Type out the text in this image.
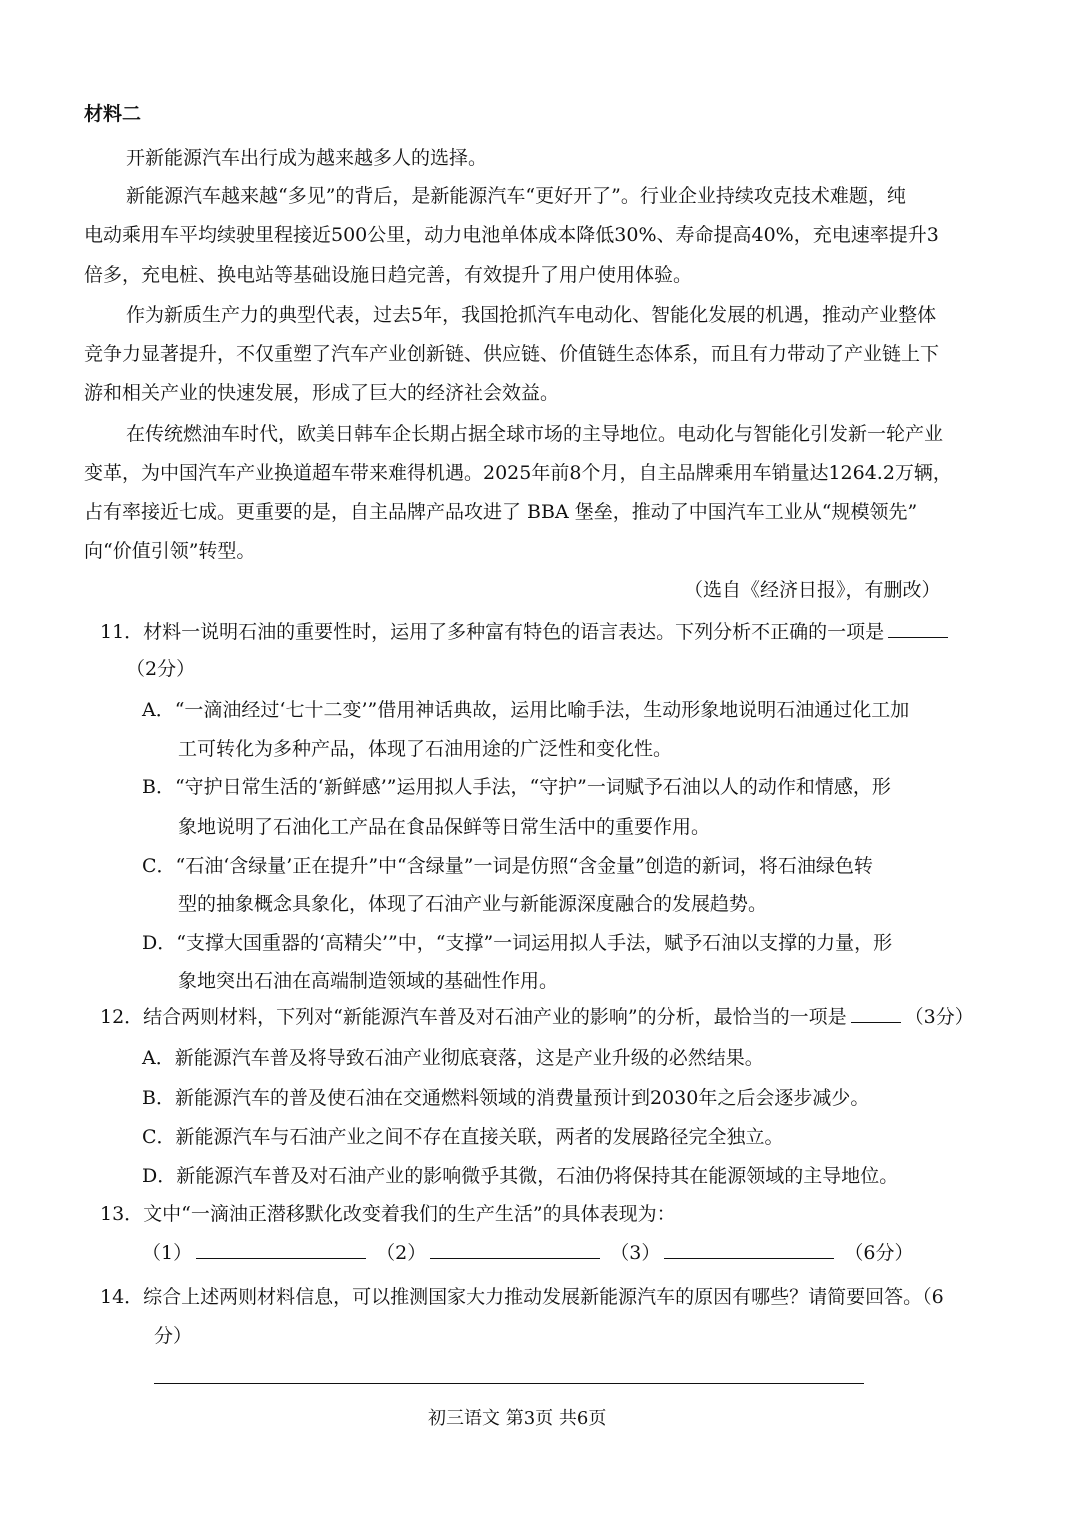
材料二
开新能源汽车出行成为越来越多人的选择。
新能源汽车越来越“多见”的背后，是新能源汽车“更好开了”。行业企业持续攻克技术难题，纯
电动乘用车平均续驶里程接近500公里，动力电池单体成本降低30%、寿命提高40%，充电速率提升3
倍多，充电桩、换电站等基础设施日趋完善，有效提升了用户使用体验。
作为新质生产力的典型代表，过去5年，我国抢抓汽车电动化、智能化发展的机遇，推动产业整体
竞争力显著提升，不仅重塑了汽车产业创新链、供应链、价值链生态体系，而且有力带动了产业链上下
游和相关产业的快速发展，形成了巨大的经济社会效益。
在传统燃油车时代，欧美日韩车企长期占据全球市场的主导地位。电动化与智能化引发新一轮产业
变革，为中国汽车产业换道超车带来难得机遇。2025年前8个月，自主品牌乘用车销量达1264.2万辆，
占有率接近七成。更重要的是，自主品牌产品攻进了 BBA 堡垒，推动了中国汽车工业从“规模领先”
向“价值引领”转型。
（选自《经济日报》，有删改）
11．材料一说明石油的重要性时，运用了多种富有特色的语言表达。下列分析不正确的一项是
（2分）
A．“一滴油经过‘七十二变’”借用神话典故，运用比喻手法，生动形象地说明石油通过化工加
工可转化为多种产品，体现了石油用途的广泛性和变化性。
B．“守护日常生活的‘新鲜感’”运用拟人手法，“守护”一词赋予石油以人的动作和情感，形
象地说明了石油化工产品在食品保鲜等日常生活中的重要作用。
C．“石油‘含绿量’正在提升”中“含绿量”一词是仿照“含金量”创造的新词，将石油绿色转
型的抽象概念具象化，体现了石油产业与新能源深度融合的发展趋势。
D．“支撑大国重器的‘高精尖’”中，“支撑”一词运用拟人手法，赋予石油以支撑的力量，形
象地突出石油在高端制造领域的基础性作用。
12．结合两则材料，下列对“新能源汽车普及对石油产业的影响”的分析，最恰当的一项是	（3分）
A．新能源汽车普及将导致石油产业彻底衰落，这是产业升级的必然结果。
B．新能源汽车的普及使石油在交通燃料领域的消费量预计到2030年之后会逐步减少。
C．新能源汽车与石油产业之间不存在直接关联，两者的发展路径完全独立。
D．新能源汽车普及对石油产业的影响微乎其微，石油仍将保持其在能源领域的主导地位。
13．文中“一滴油正潜移默化改变着我们的生产生活”的具体表现为：
（1）	（2）	（3）	（6分）
14．综合上述两则材料信息，可以推测国家大力推动发展新能源汽车的原因有哪些？请简要回答。（6
分）
初三语文 第3页 共6页
